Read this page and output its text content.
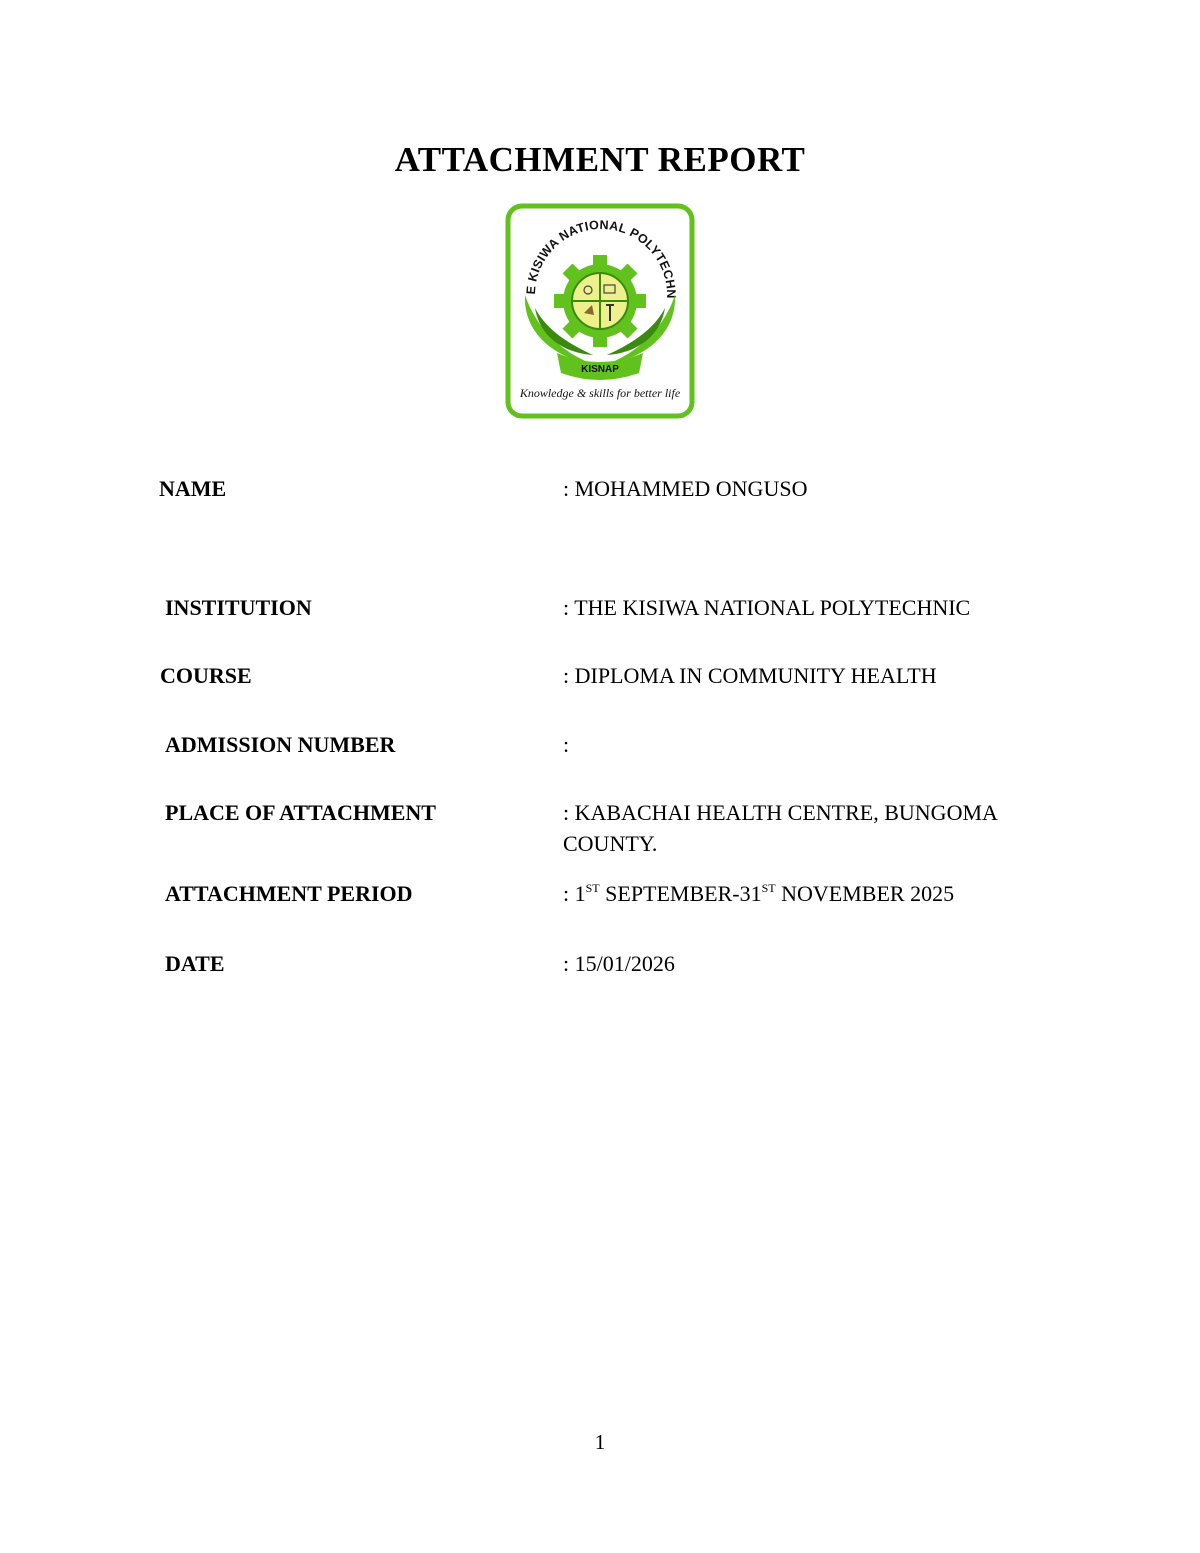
ATTACHMENT REPORT
E KISIWA NATIONAL POLYTECHN
KISNAP
Knowledge & skills for better life
NAME	: MOHAMMED ONGUSO
INSTITUTION	: THE KISIWA NATIONAL POLYTECHNIC
COURSE	: DIPLOMA IN COMMUNITY HEALTH
ADMISSION NUMBER	:
PLACE OF ATTACHMENT	: KABACHAI HEALTH CENTRE, BUNGOMA COUNTY.
ATTACHMENT PERIOD	: 1ST SEPTEMBER-31ST NOVEMBER 2025
DATE	: 15/01/2026
1
